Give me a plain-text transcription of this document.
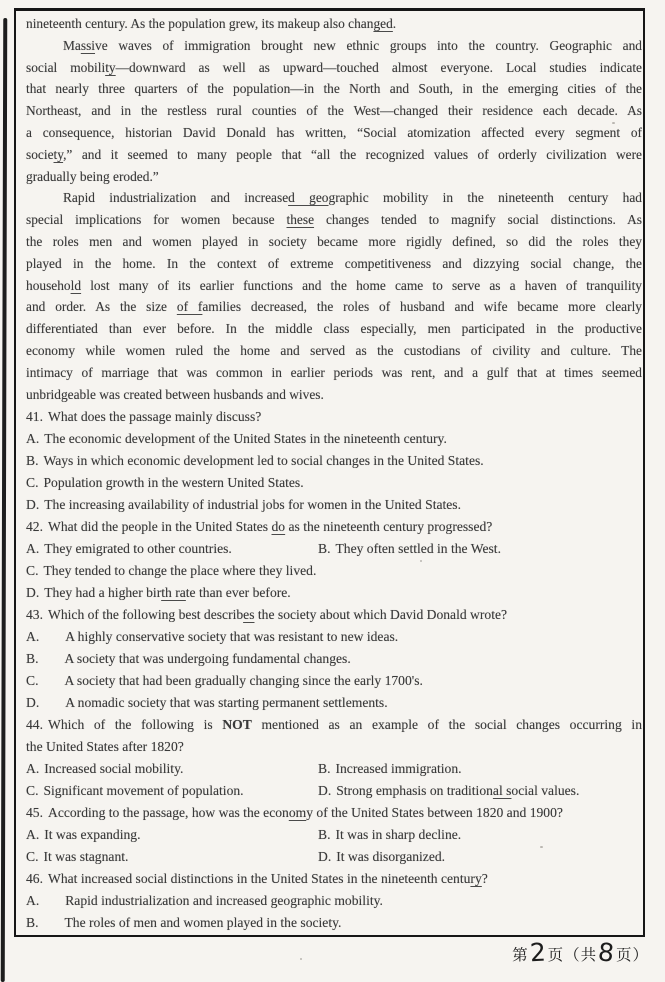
nineteenth century. As the population grew, its makeup also changed.
Massive waves of immigration brought new ethnic groups into the country. Geographic and
social mobility—downward as well as upward—touched almost everyone. Local studies indicate
that nearly three quarters of the population—in the North and South, in the emerging cities of the
Northeast, and in the restless rural counties of the West—changed their residence each decade. As
a consequence, historian David Donald has written, “Social atomization affected every segment of
society,” and it seemed to many people that “all the recognized values of orderly civilization were
gradually being eroded.”
Rapid industrialization and increased geographic mobility in the nineteenth century had
special implications for women because these changes tended to magnify social distinctions. As
the roles men and women played in society became more rigidly defined, so did the roles they
played in the home. In the context of extreme competitiveness and dizzying social change, the
household lost many of its earlier functions and the home came to serve as a haven of tranquility
and order. As the size of families decreased, the roles of husband and wife became more clearly
differentiated than ever before. In the middle class especially, men participated in the productive
economy while women ruled the home and served as the custodians of civility and culture. The
intimacy of marriage that was common in earlier periods was rent, and a gulf that at times seemed
unbridgeable was created between husbands and wives.
41. What does the passage mainly discuss?
A. The economic development of the United States in the nineteenth century.
B. Ways in which economic development led to social changes in the United States.
C. Population growth in the western United States.
D. The increasing availability of industrial jobs for women in the United States.
42. What did the people in the United States do as the nineteenth century progressed?
A. They emigrated to other countries.	B. They often settled in the West.
C. They tended to change the place where they lived.
D. They had a higher birth rate than ever before.
43. Which of the following best describes the society about which David Donald wrote?
A. A highly conservative society that was resistant to new ideas.
B. A society that was undergoing fundamental changes.
C. A society that had been gradually changing since the early 1700's.
D. A nomadic society that was starting permanent settlements.
44. Which of the following is NOT mentioned as an example of the social changes occurring in
the United States after 1820?
A. Increased social mobility.	B. Increased immigration.
C. Significant movement of population.	D. Strong emphasis on traditional social values.
45. According to the passage, how was the economy of the United States between 1820 and 1900?
A. It was expanding.	B. It was in sharp decline.
C. It was stagnant.	D. It was disorganized.
46. What increased social distinctions in the United States in the nineteenth century?
A. Rapid industrialization and increased geographic mobility.
B. The roles of men and women played in the society.
第 2 页（共 8 页）
